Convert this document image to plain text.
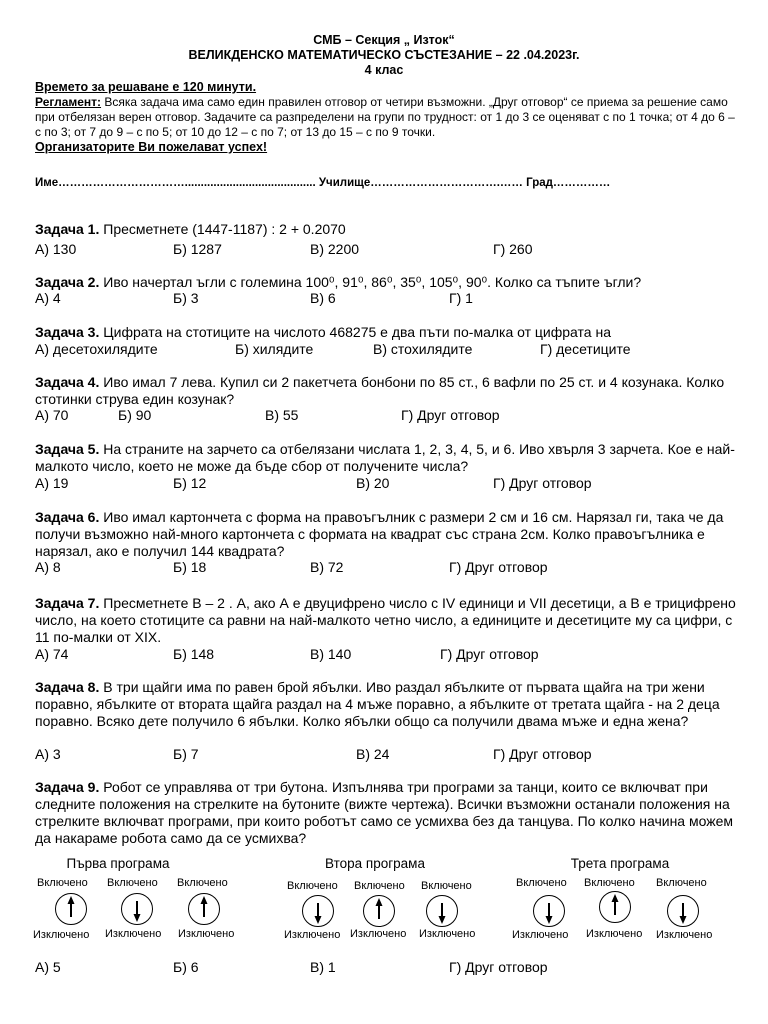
СМБ – Секция „ Изток“
ВЕЛИКДЕНСКО МАТЕМАТИЧЕСКО СЪСТЕЗАНИЕ – 22 .04.2023г.
4 клас
Времето за решаване е 120 минути.
Регламент: Всяка задача има само един правилен отговор от четири възможни. „Друг отговор“ се приема за решение само при отбелязан верен отговор. Задачите са разпределени на групи по трудност: от 1 до 3 се оценяват с по 1 точка; от 4 до 6 – с по 3; от 7 до 9 – с по 5; от 10 до 12 – с по 7; от 13 до 15 – с по 9 точки.
Организаторите Ви пожелават успех!
Име……………………………......................................... Училище…………………………….…… Град……………
Задача 1. Пресметнете (1447-1187) : 2 + 0.2070
А) 130	Б) 1287	В) 2200	Г) 260
Задача 2. Иво начертал ъгли с големина 100⁰, 91⁰, 86⁰, 35⁰, 105⁰, 90⁰. Колко са тъпите ъгли?
А) 4	Б) 3	В) 6	Г) 1
Задача 3. Цифрата на стотиците на числото 468275 е два пъти по-малка от цифрата на
А) десетохилядите	Б) хилядите	В) стохилядите	Г) десетиците
Задача 4. Иво имал 7 лева. Купил си 2 пакетчета бонбони по 85 ст., 6 вафли по 25 ст. и 4 козунака. Колко стотинки струва един козунак?
А) 70	Б) 90	В) 55	Г) Друг отговор
Задача 5. На страните на зарчето са отбелязани числата 1, 2, 3, 4, 5, и 6. Иво хвърля 3 зарчета. Кое е най-малкото число, което не може да бъде сбор от получените числа?
А) 19	Б) 12	В) 20	Г) Друг отговор
Задача 6. Иво имал картончета с форма на правоъгълник с размери 2 см и 16 см. Нарязал ги, така че да получи възможно най-много картончета с формата на квадрат със страна 2см. Колко правоъгълника е нарязал, ако е получил 144 квадрата?
А) 8	Б) 18	В) 72	Г) Друг отговор
Задача 7. Пресметнете В – 2 . А, ако А е двуцифрено число с IV единици и VII десетици, а В е трицифрено число, на което стотиците са равни на най-малкото четно число, а единиците и десетиците му са цифри, с 11 по-малки от XIX.
А) 74	Б) 148	В) 140	Г) Друг отговор
Задача 8. В три щайги има по равен брой ябълки. Иво раздал ябълките от първата щайга на три жени поравно, ябълките от втората щайга раздал на 4 мъже поравно, а ябълките от третата щайга - на 2 деца поравно. Всяко дете получило 6 ябълки. Колко ябълки общо са получили двама мъже и една жена?
А) 3	Б) 7	В) 24	Г) Друг отговор
Задача 9. Робот се управлява от три бутона. Изпълнява три програми за танци, които се включват при следните положения на стрелките на бутоните (вижте чертежа). Всички възможни останали положения на стрелките включват програми, при които роботът само се усмихва без да танцува. По колко начина можем да накараме робота само да се усмихва?
Първа програма
Включено Включено Включено
Изключено Изключено Изключено
Втора програма
Включено Включено Включено
Изключено Изключено Изключено
Трета програма
Включено Включено Включено
Изключено Изключено Изключено
А) 5	Б) 6	В) 1	Г) Друг отговор
